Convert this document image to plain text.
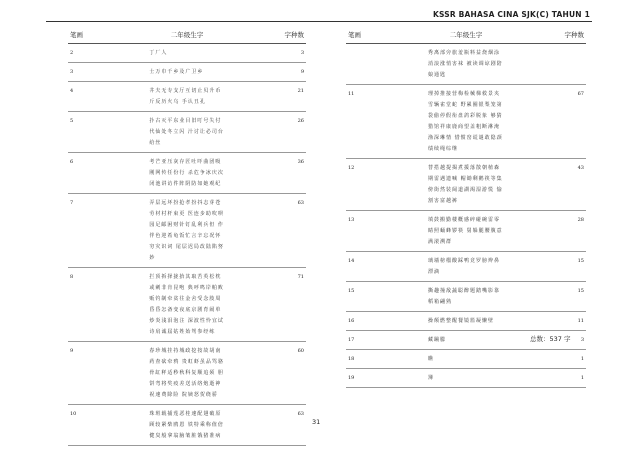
KSSR BAHASA CINA SJK(C) TAHUN 1
笔画	二年级生字	字种数
2	丁厂人	3
3	士万巾千乡及广卫乡	9
4	井夫无专支厅互切止贝升币斤反历火乌 手认丑孔	21
5	扑古灭平东业目旧叮号失付代仙处冬立闪 汁讨让必司台给丝	26
6	考芒亚压灰存匠吐吓曲团吸刚网传任份行 杀危争冰庆次闭池讲访件阵阴防如她观纪	36
7	弄层远坏扮抢孝扮抖志芽苍劳材村杆束更 医连步助吹呗园足邮困财针钉乱利兵但 作伴色迎希龟饭忙言辛忘况怀穷灾识词 尾层迟局改陆陷努妙	63
8	拦顶拆择拢抬其取苦英松枕或刺非肯昆咆 典呼鸣岸帕败贩钓制牵贫往金舍受念肢周 昏昏怎备变夜底京剧育闹单炒炎浅泪泡注 深波性怜宜试诗肩诚届姑姓始驾参经练	71
9	春珍城挂持城政挖按故胡南药查砍牵鸦 贵虹虾虽品骂骆骨缸秤适秒秋科复顺追须 胆饼弯将奖疫差送活络炮逝神祝速费除险 院姨怒贺绕骄	60
10	珠班载捕莲恶桂速配翅破原顾较紧柴鸥恩 铁特乘称值倍健臭般拿翁脑皱脏饿猪准病	63
笔画	二年级生字	字种数
	秀离部旁旅羞瓶料益烧烟涂消浪涨悄害袜 被读调谅剧陪娘通匙	
11	理掉推接营梅检械梯救景夹雪辆雀堂蛇 野累圈银梨笼第袋偷停假衔盘鸽彩脱象 够猜猎馆祥康鹿商望盖粗断淋淹渔深琳情 惜惯窑谎谜敢隐颈绩续绳综继	67
12	替搭越提揭煮援落散朝植森期雷遇遗喊 帽锄剩鹅筷等集傍街然装阔道湖渴湿游慌 愉割害富越裤	43
13	填鼓搬勤楼概感碎碰碗雷零睛照蛹蜂锣筷 舅躲腿腰腹意满滚溯群	28
14	璃墙榜榴酸踩鸭竞罗膀辫鼻漂滴	15
15	撕趣撞敌蔬聪醉题踏嘴影靠稻箱翩熟	15
16	操颠燃整醒餐镜篮凝懒壁	11
17	藏蹦朦	3
18	瞧	1
19	簿	1
总数：537 字
31
